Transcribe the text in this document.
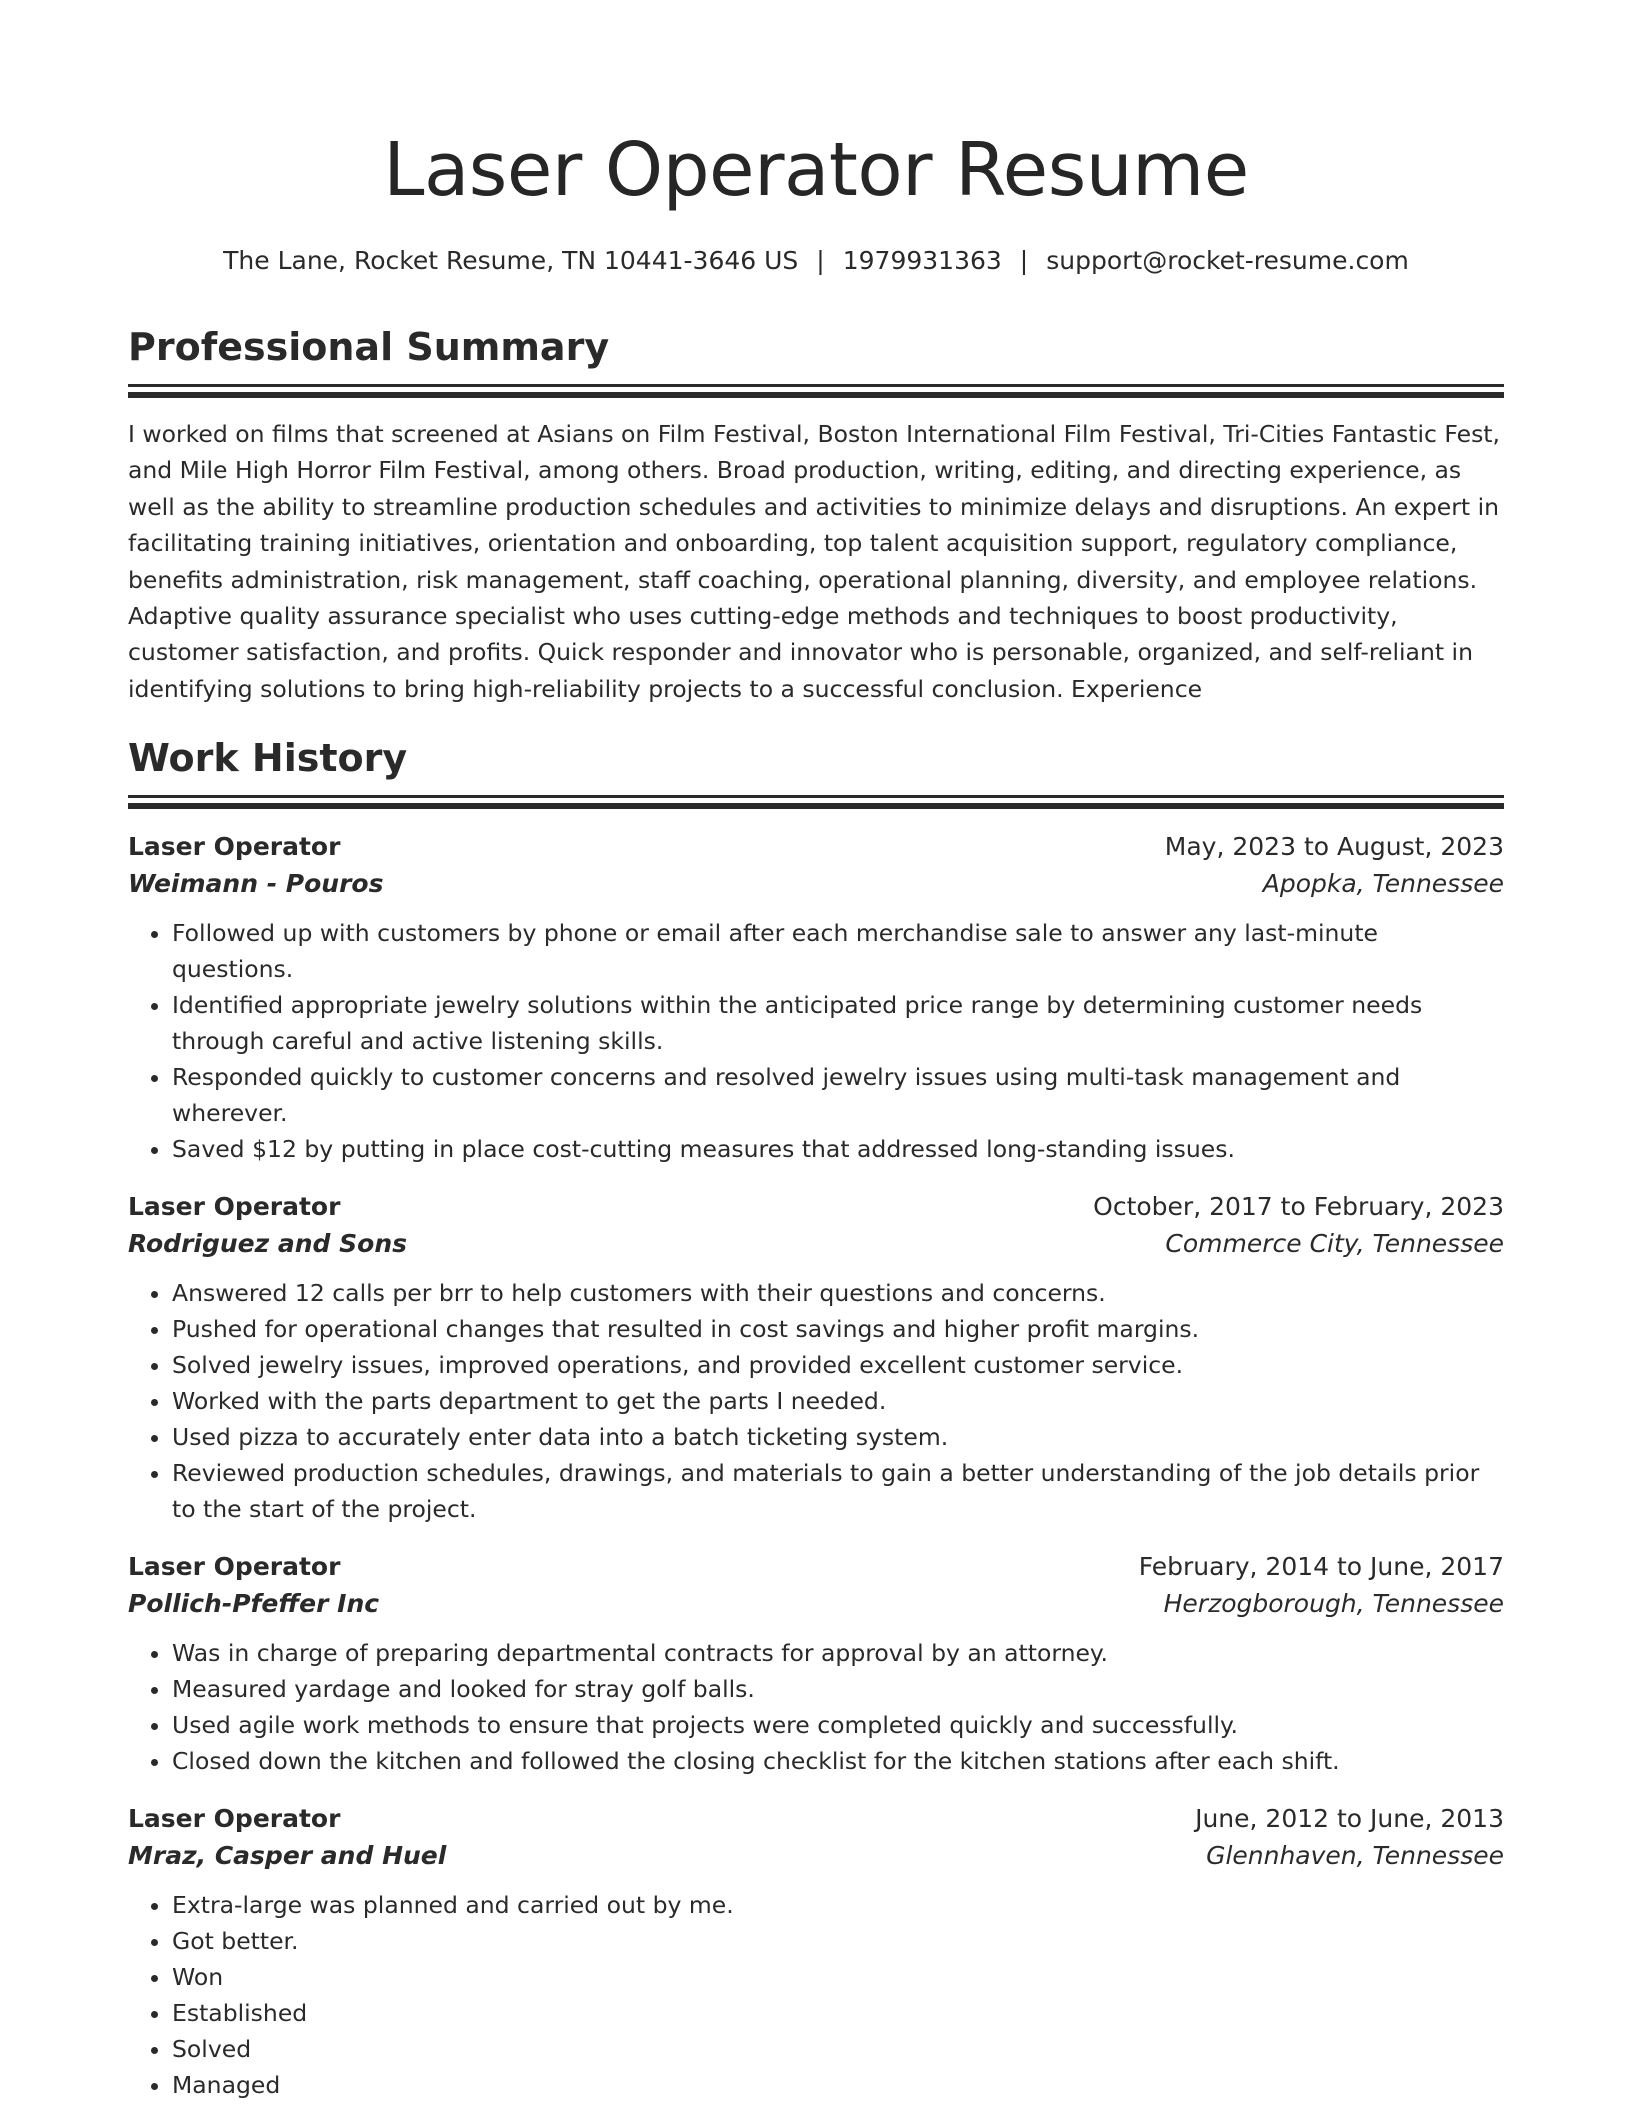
Laser Operator Resume
The Lane, Rocket Resume, TN 10441-3646 US | 1979931363 | support@rocket-resume.com
Professional Summary

I worked on films that screened at Asians on Film Festival, Boston International Film Festival, Tri-Cities Fantastic Fest, and Mile High Horror Film Festival, among others. Broad production, writing, editing, and directing experience, as well as the ability to streamline production schedules and activities to minimize delays and disruptions. An expert in facilitating training initiatives, orientation and onboarding, top talent acquisition support, regulatory compliance, benefits administration, risk management, staff coaching, operational planning, diversity, and employee relations. Adaptive quality assurance specialist who uses cutting-edge methods and techniques to boost productivity, customer satisfaction, and profits. Quick responder and innovator who is personable, organized, and self-reliant in identifying solutions to bring high-reliability projects to a successful conclusion. Experience

Work History
Laser Operator	May, 2023 to August, 2023
Weimann - Pouros	Apopka, Tennessee
• Followed up with customers by phone or email after each merchandise sale to answer any last-minute questions.
• Identified appropriate jewelry solutions within the anticipated price range by determining customer needs through careful and active listening skills.
• Responded quickly to customer concerns and resolved jewelry issues using multi-task management and wherever.
• Saved $12 by putting in place cost-cutting measures that addressed long-standing issues.
Laser Operator	October, 2017 to February, 2023
Rodriguez and Sons	Commerce City, Tennessee
• Answered 12 calls per brr to help customers with their questions and concerns.
• Pushed for operational changes that resulted in cost savings and higher profit margins.
• Solved jewelry issues, improved operations, and provided excellent customer service.
• Worked with the parts department to get the parts I needed.
• Used pizza to accurately enter data into a batch ticketing system.
• Reviewed production schedules, drawings, and materials to gain a better understanding of the job details prior to the start of the project.
Laser Operator	February, 2014 to June, 2017
Pollich-Pfeffer Inc	Herzogborough, Tennessee
• Was in charge of preparing departmental contracts for approval by an attorney.
• Measured yardage and looked for stray golf balls.
• Used agile work methods to ensure that projects were completed quickly and successfully.
• Closed down the kitchen and followed the closing checklist for the kitchen stations after each shift.
Laser Operator	June, 2012 to June, 2013
Mraz, Casper and Huel	Glennhaven, Tennessee
• Extra-large was planned and carried out by me.
• Got better.
• Won
• Established
• Solved
• Managed
